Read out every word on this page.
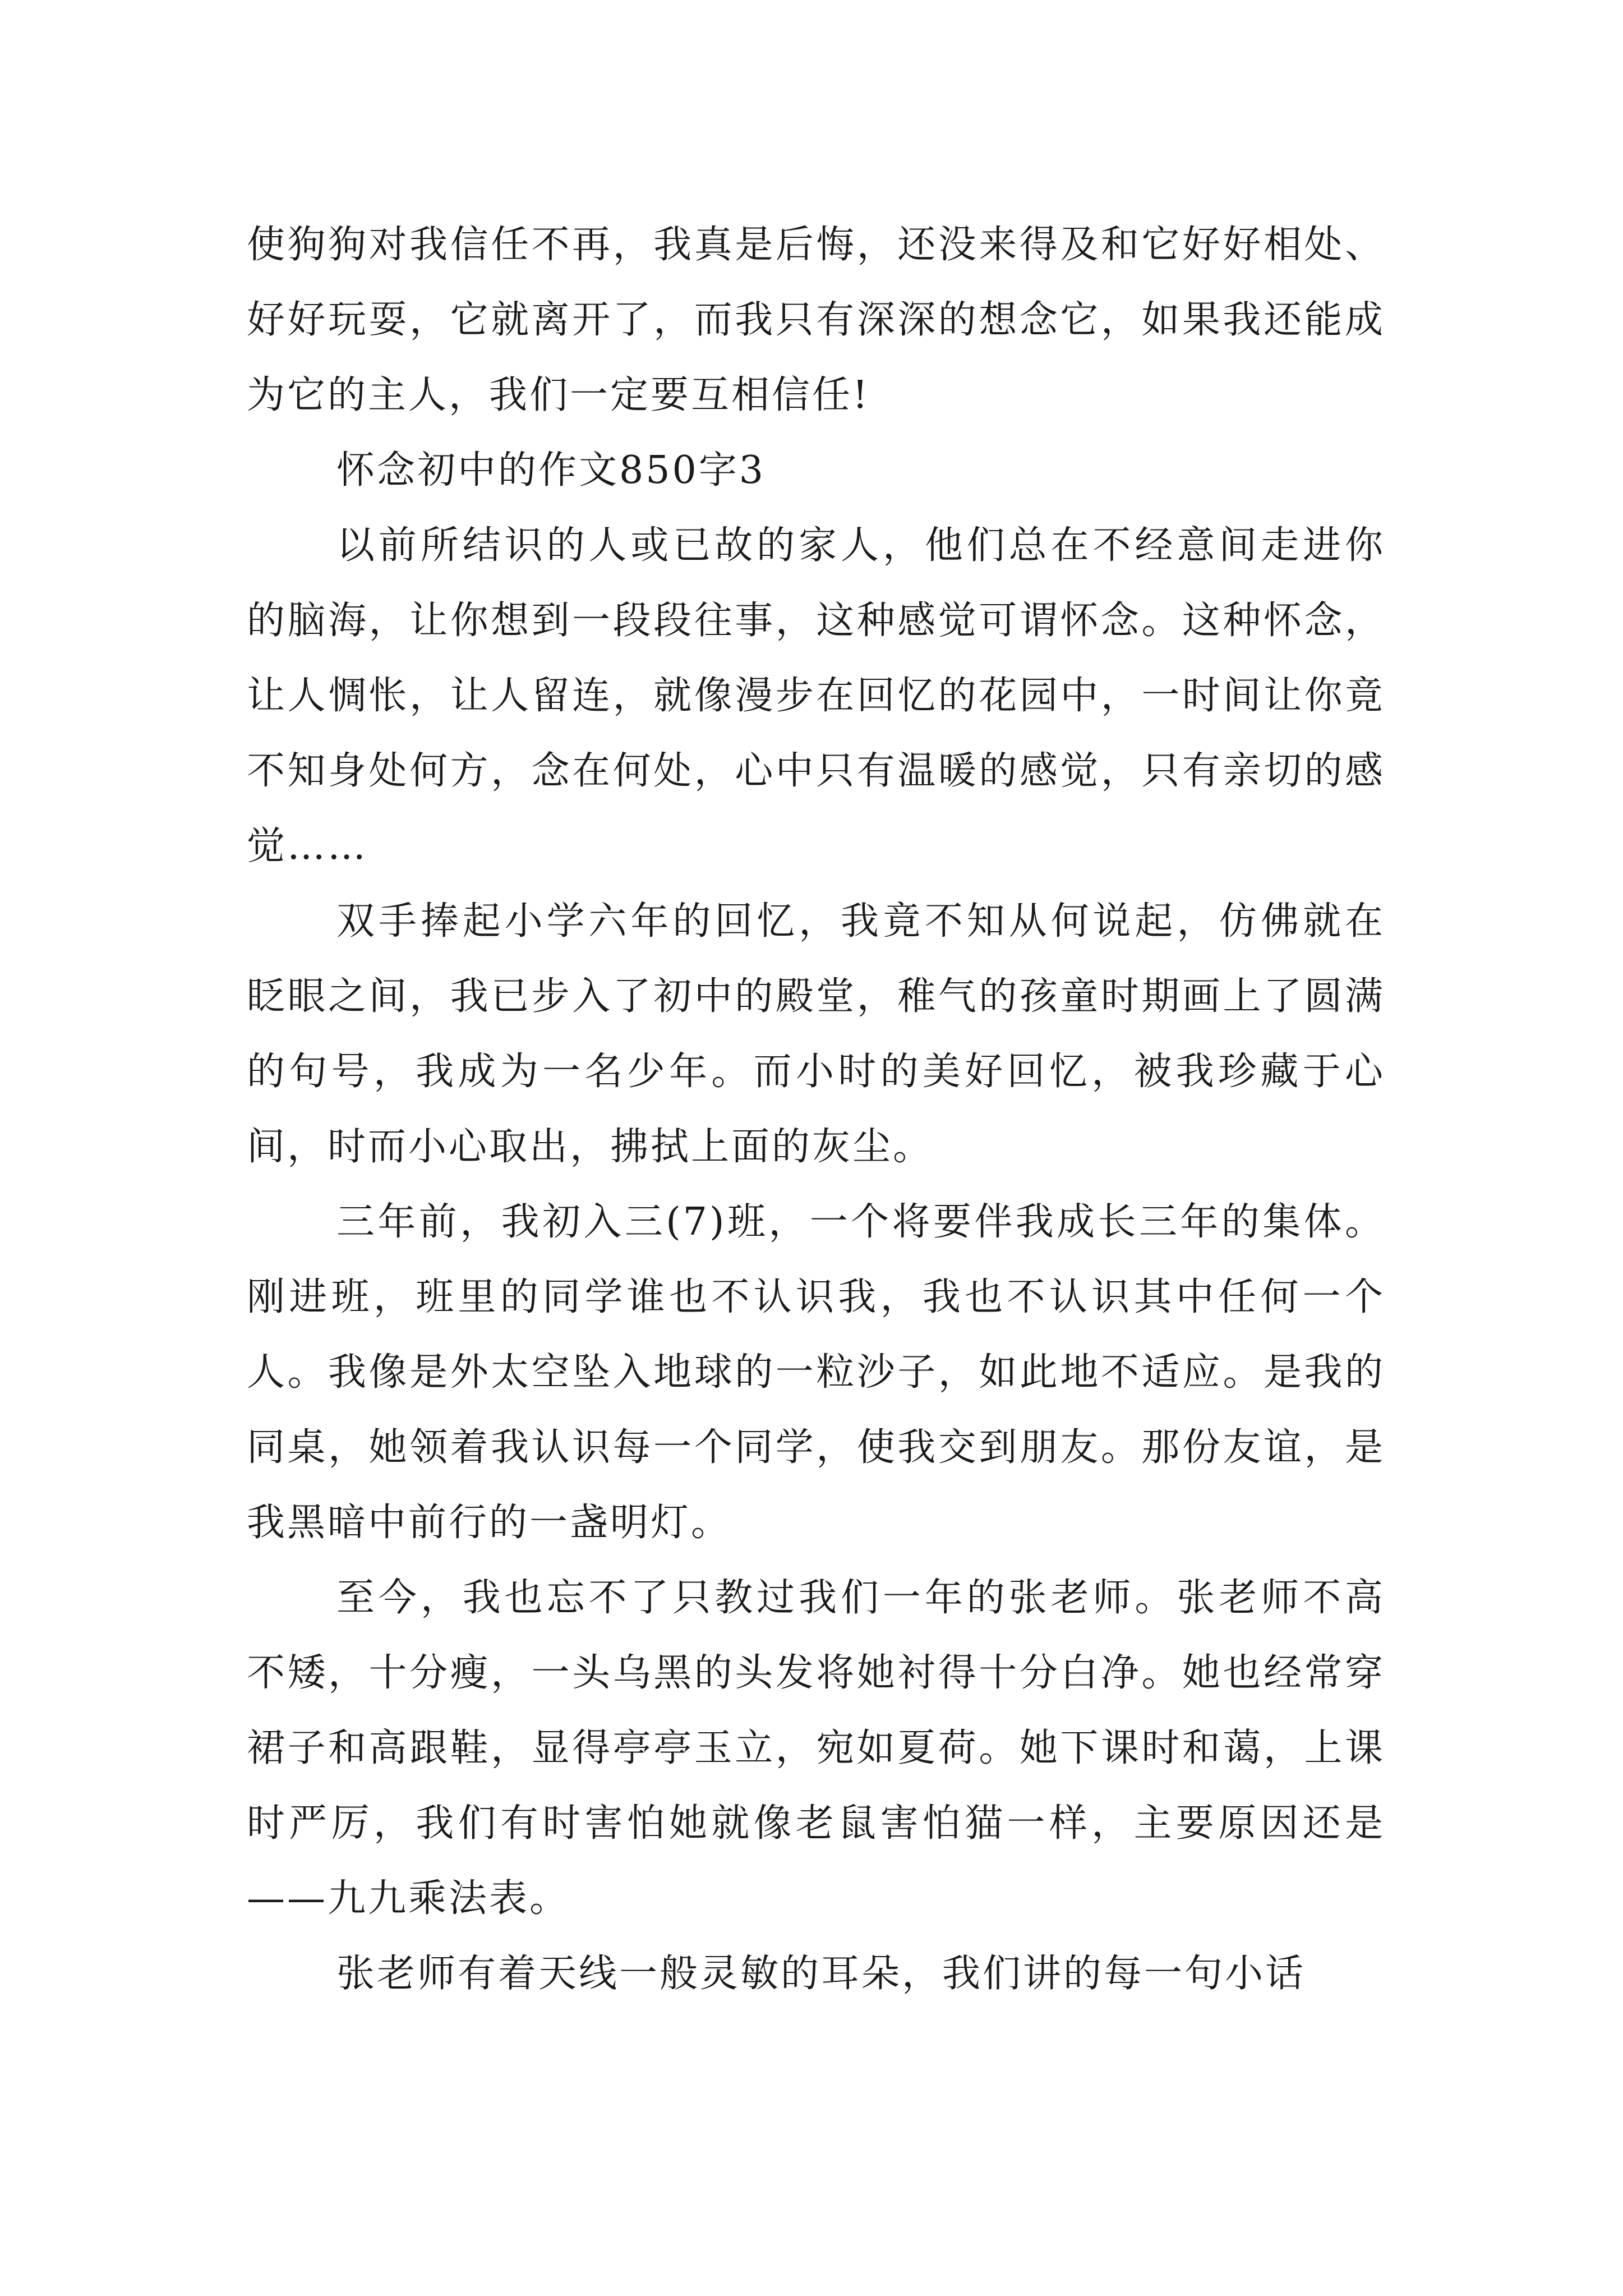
使狗狗对我信任不再，我真是后悔，还没来得及和它好好相处、好好玩耍，它就离开了，而我只有深深的想念它，如果我还能成为它的主人，我们一定要互相信任!

怀念初中的作文850字3

以前所结识的人或已故的家人，他们总在不经意间走进你的脑海，让你想到一段段往事，这种感觉可谓怀念。这种怀念，让人惆怅，让人留连，就像漫步在回忆的花园中，一时间让你竟不知身处何方，念在何处，心中只有温暖的感觉，只有亲切的感觉……

双手捧起小学六年的回忆，我竟不知从何说起，仿佛就在眨眼之间，我已步入了初中的殿堂，稚气的孩童时期画上了圆满的句号，我成为一名少年。而小时的美好回忆，被我珍藏于心间，时而小心取出，拂拭上面的灰尘。

三年前，我初入三(7)班，一个将要伴我成长三年的集体。刚进班，班里的同学谁也不认识我，我也不认识其中任何一个人。我像是外太空坠入地球的一粒沙子，如此地不适应。是我的同桌，她领着我认识每一个同学，使我交到朋友。那份友谊，是我黑暗中前行的一盏明灯。

至今，我也忘不了只教过我们一年的张老师。张老师不高不矮，十分瘦，一头乌黑的头发将她衬得十分白净。她也经常穿裙子和高跟鞋，显得亭亭玉立，宛如夏荷。她下课时和蔼，上课时严厉，我们有时害怕她就像老鼠害怕猫一样，主要原因还是——九九乘法表。

张老师有着天线一般灵敏的耳朵，我们讲的每一句小话
